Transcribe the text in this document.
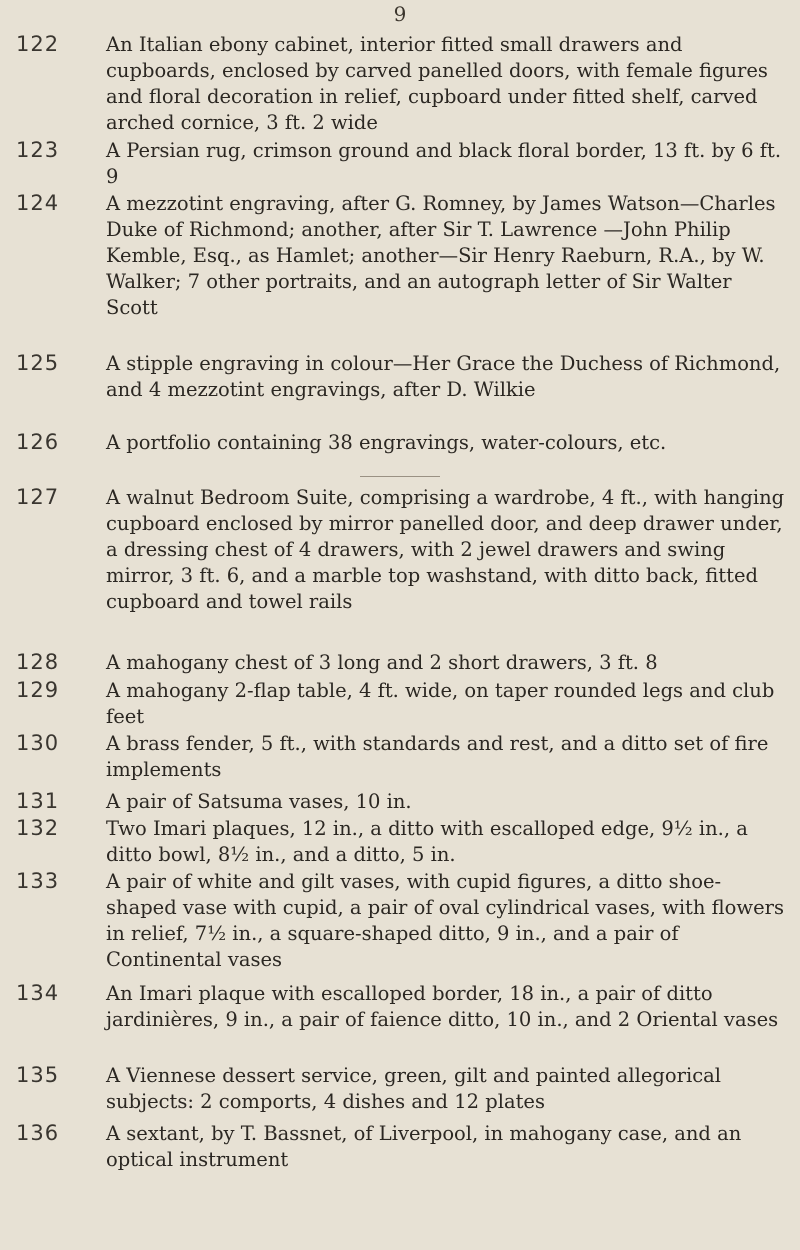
9
122	An Italian ebony cabinet, interior fitted small drawers and cupboards, enclosed by carved panelled doors, with female figures and floral decoration in relief, cupboard under fitted shelf, carved arched cornice, 3 ft. 2 wide
123	A Persian rug, crimson ground and black floral border, 13 ft. by 6 ft. 9
124	A mezzotint engraving, after G. Romney, by James Watson—Charles Duke of Richmond; another, after Sir T. Lawrence —John Philip Kemble, Esq., as Hamlet; another—Sir Henry Raeburn, R.A., by W. Walker; 7 other portraits, and an autograph letter of Sir Walter Scott
125	A stipple engraving in colour—Her Grace the Duchess of Richmond, and 4 mezzotint engravings, after D. Wilkie
126	A portfolio containing 38 engravings, water-colours, etc.
127	A walnut Bedroom Suite, comprising a wardrobe, 4 ft., with hanging cupboard enclosed by mirror panelled door, and deep drawer under, a dressing chest of 4 drawers, with 2 jewel drawers and swing mirror, 3 ft. 6, and a marble top washstand, with ditto back, fitted cupboard and towel rails
128	A mahogany chest of 3 long and 2 short drawers, 3 ft. 8
129	A mahogany 2-flap table, 4 ft. wide, on taper rounded legs and club feet
130	A brass fender, 5 ft., with standards and rest, and a ditto set of fire implements
131	A pair of Satsuma vases, 10 in.
132	Two Imari plaques, 12 in., a ditto with escalloped edge, 9½ in., a ditto bowl, 8½ in., and a ditto, 5 in.
133	A pair of white and gilt vases, with cupid figures, a ditto shoe-shaped vase with cupid, a pair of oval cylindrical vases, with flowers in relief, 7½ in., a square-shaped ditto, 9 in., and a pair of Continental vases
134	An Imari plaque with escalloped border, 18 in., a pair of ditto jardinières, 9 in., a pair of faience ditto, 10 in., and 2 Oriental vases
135	A Viennese dessert service, green, gilt and painted allegorical subjects: 2 comports, 4 dishes and 12 plates
136	A sextant, by T. Bassnet, of Liverpool, in mahogany case, and an optical instrument
